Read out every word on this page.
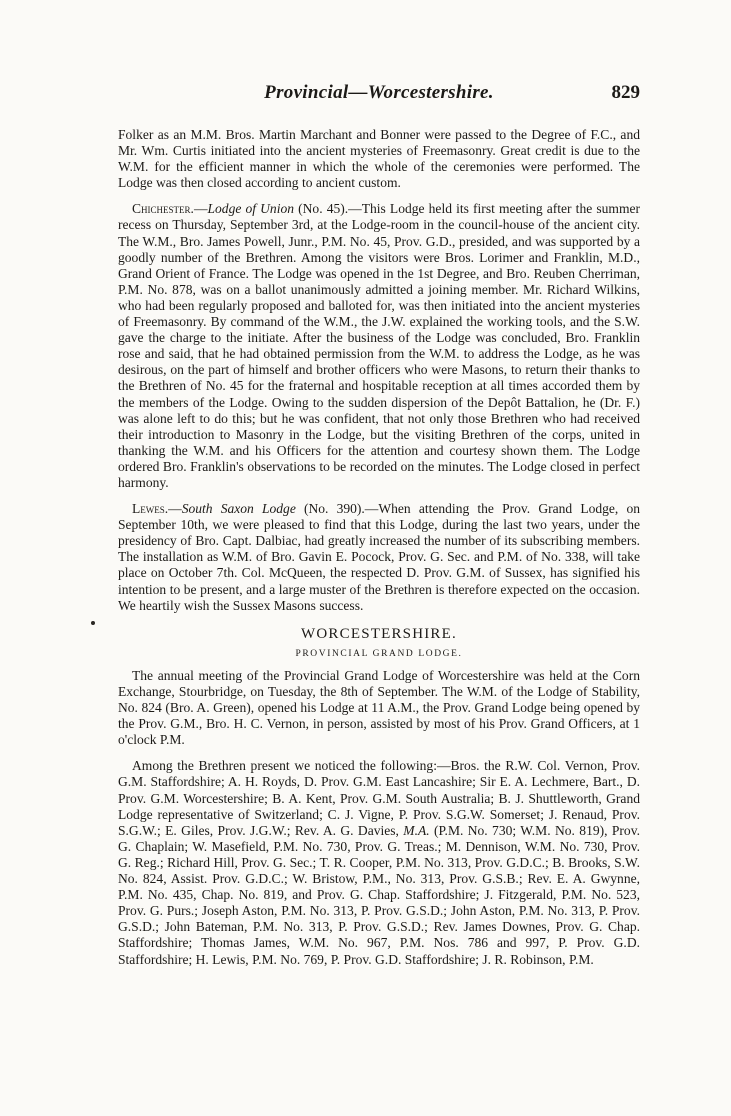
Provincial—Worcestershire.	829

Folker as an M.M. Bros. Martin Marchant and Bonner were passed to the Degree of F.C., and Mr. Wm. Curtis initiated into the ancient mysteries of Freemasonry. Great credit is due to the W.M. for the efficient manner in which the whole of the ceremonies were performed. The Lodge was then closed according to ancient custom.

Chichester.—Lodge of Union (No. 45).—This Lodge held its first meeting after the summer recess on Thursday, September 3rd, at the Lodge-room in the council-house of the ancient city. The W.M., Bro. James Powell, Junr., P.M. No. 45, Prov. G.D., presided, and was supported by a goodly number of the Brethren. Among the visitors were Bros. Lorimer and Franklin, M.D., Grand Orient of France. The Lodge was opened in the 1st Degree, and Bro. Reuben Cherriman, P.M. No. 878, was on a ballot unanimously admitted a joining member. Mr. Richard Wilkins, who had been regularly proposed and balloted for, was then initiated into the ancient mysteries of Freemasonry. By command of the W.M., the J.W. explained the working tools, and the S.W. gave the charge to the initiate. After the business of the Lodge was concluded, Bro. Franklin rose and said, that he had obtained permission from the W.M. to address the Lodge, as he was desirous, on the part of himself and brother officers who were Masons, to return their thanks to the Brethren of No. 45 for the fraternal and hospitable reception at all times accorded them by the members of the Lodge. Owing to the sudden dispersion of the Depôt Battalion, he (Dr. F.) was alone left to do this; but he was confident, that not only those Brethren who had received their introduction to Masonry in the Lodge, but the visiting Brethren of the corps, united in thanking the W.M. and his Officers for the attention and courtesy shown them. The Lodge ordered Bro. Franklin's observations to be recorded on the minutes. The Lodge closed in perfect harmony.

Lewes.—South Saxon Lodge (No. 390).—When attending the Prov. Grand Lodge, on September 10th, we were pleased to find that this Lodge, during the last two years, under the presidency of Bro. Capt. Dalbiac, had greatly increased the number of its subscribing members. The installation as W.M. of Bro. Gavin E. Pocock, Prov. G. Sec. and P.M. of No. 338, will take place on October 7th. Col. McQueen, the respected D. Prov. G.M. of Sussex, has signified his intention to be present, and a large muster of the Brethren is therefore expected on the occasion. We heartily wish the Sussex Masons success.

WORCESTERSHIRE.
PROVINCIAL GRAND LODGE.

The annual meeting of the Provincial Grand Lodge of Worcestershire was held at the Corn Exchange, Stourbridge, on Tuesday, the 8th of September. The W.M. of the Lodge of Stability, No. 824 (Bro. A. Green), opened his Lodge at 11 A.M., the Prov. Grand Lodge being opened by the Prov. G.M., Bro. H. C. Vernon, in person, assisted by most of his Prov. Grand Officers, at 1 o'clock P.M.

Among the Brethren present we noticed the following:—Bros. the R.W. Col. Vernon, Prov. G.M. Staffordshire; A. H. Royds, D. Prov. G.M. East Lancashire; Sir E. A. Lechmere, Bart., D. Prov. G.M. Worcestershire; B. A. Kent, Prov. G.M. South Australia; B. J. Shuttleworth, Grand Lodge representative of Switzerland; C. J. Vigne, P. Prov. S.G.W. Somerset; J. Renaud, Prov. S.G.W.; E. Giles, Prov. J.G.W.; Rev. A. G. Davies, M.A. (P.M. No. 730; W.M. No. 819), Prov. G. Chaplain; W. Masefield, P.M. No. 730, Prov. G. Treas.; M. Dennison, W.M. No. 730, Prov. G. Reg.; Richard Hill, Prov. G. Sec.; T. R. Cooper, P.M. No. 313, Prov. G.D.C.; B. Brooks, S.W. No. 824, Assist. Prov. G.D.C.; W. Bristow, P.M., No. 313, Prov. G.S.B.; Rev. E. A. Gwynne, P.M. No. 435, Chap. No. 819, and Prov. G. Chap. Staffordshire; J. Fitzgerald, P.M. No. 523, Prov. G. Purs.; Joseph Aston, P.M. No. 313, P. Prov. G.S.D.; John Aston, P.M. No. 313, P. Prov. G.S.D.; John Bateman, P.M. No. 313, P. Prov. G.S.D.; Rev. James Downes, Prov. G. Chap. Staffordshire; Thomas James, W.M. No. 967, P.M. Nos. 786 and 997, P. Prov. G.D. Staffordshire; H. Lewis, P.M. No. 769, P. Prov. G.D. Staffordshire; J. R. Robinson, P.M.
